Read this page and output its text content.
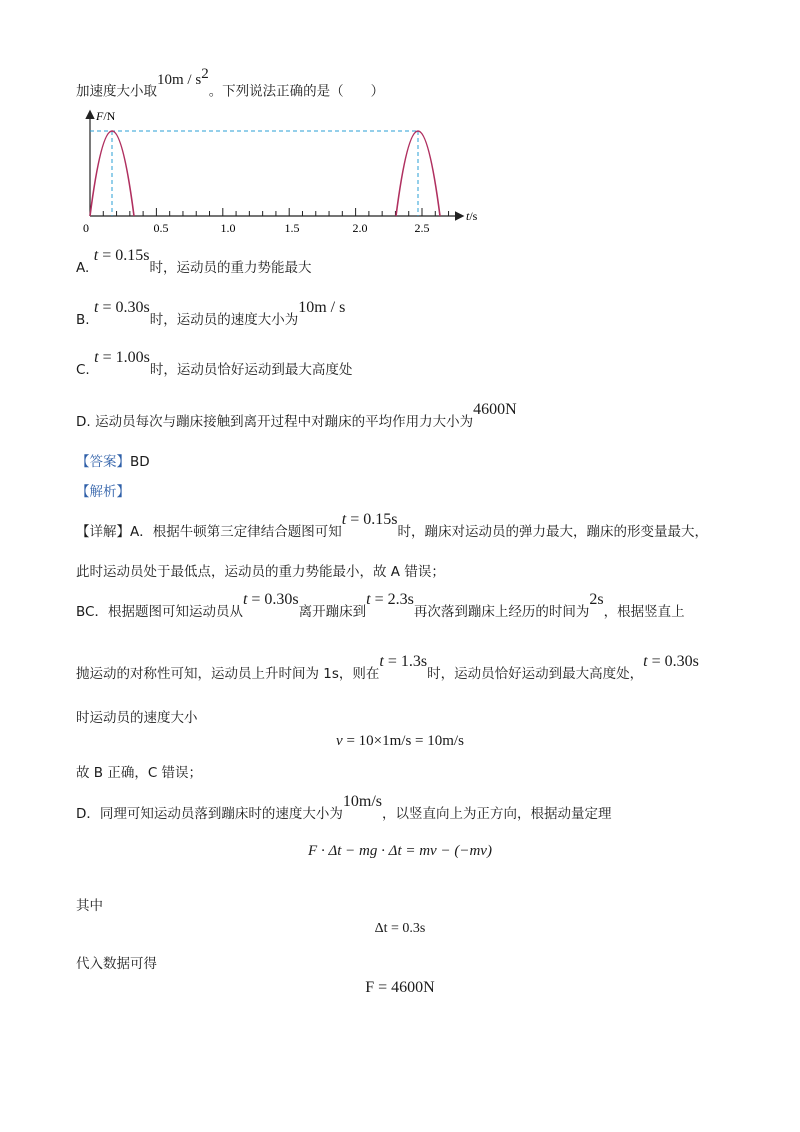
加速度大小取$10m / s^2$。下列说法正确的是（　　）
F/N
t/s
0	0.5	1.0	1.5	2.0	2.5
A. t = 0.15s时，运动员的重力势能最大
B. t = 0.30s时，运动员的速度大小为10m / s
C. t = 1.00s时，运动员恰好运动到最大高度处
D. 运动员每次与蹦床接触到离开过程中对蹦床的平均作用力大小为4600N
【答案】BD
【解析】
【详解】A．根据牛顿第三定律结合题图可知t = 0.15s时，蹦床对运动员的弹力最大，蹦床的形变量最大，
此时运动员处于最低点，运动员的重力势能最小，故 A 错误；
BC．根据题图可知运动员从t = 0.30s离开蹦床到t = 2.3s再次落到蹦床上经历的时间为2s，根据竖直上
抛运动的对称性可知，运动员上升时间为 1s，则在t = 1.3s时，运动员恰好运动到最大高度处，t = 0.30s
时运动员的速度大小
v = 10×1m/s = 10m/s
故 B 正确，C 错误；
D．同理可知运动员落到蹦床时的速度大小为10m/s，以竖直向上为正方向，根据动量定理
F · Δt − mg · Δt = mv − (−mv)
其中
Δt = 0.3s
代入数据可得
F = 4600N
